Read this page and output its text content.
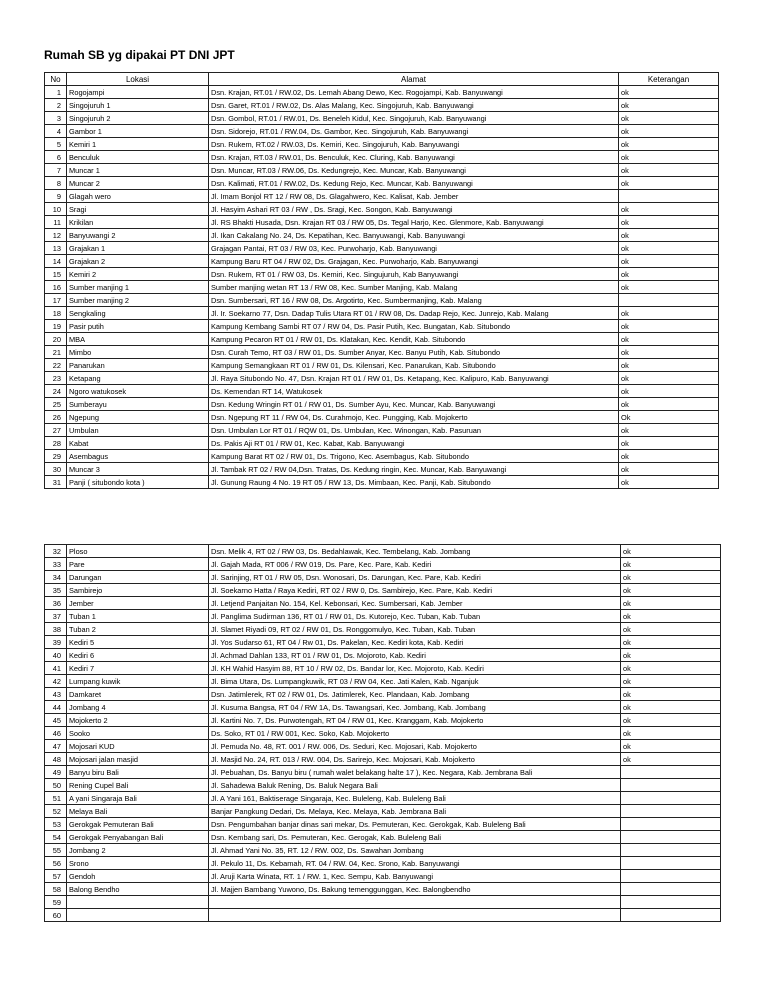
Rumah SB yg dipakai PT DNI JPT
No	Lokasi	Alamat	Keterangan
1	Rogojampi	Dsn. Krajan, RT.01 / RW.02, Ds. Lemah Abang Dewo, Kec. Rogojampi, Kab. Banyuwangi	ok
2	Singojuruh 1	Dsn. Garet, RT.01 / RW.02, Ds. Alas Malang, Kec. Singojuruh, Kab. Banyuwangi	ok
3	Singojuruh 2	Dsn. Gombol, RT.01 / RW.01, Ds. Beneleh Kidul, Kec. Singojuruh, Kab. Banyuwangi	ok
4	Gambor 1	Dsn. Sidorejo, RT.01 / RW.04, Ds. Gambor, Kec. Singojuruh, Kab. Banyuwangi	ok
5	Kemiri 1	Dsn. Rukem, RT.02 / RW.03, Ds. Kemiri, Kec. Singojuruh, Kab. Banyuwangi	ok
6	Benculuk	Dsn. Krajan, RT.03 / RW.01, Ds. Benculuk, Kec. Cluring, Kab. Banyuwangi	ok
7	Muncar 1	Dsn. Muncar, RT.03 / RW.06, Ds. Kedungrejo, Kec. Muncar, Kab. Banyuwangi	ok
8	Muncar 2	Dsn. Kalimati, RT.01 / RW.02, Ds. Kedung Rejo, Kec. Muncar, Kab. Banyuwangi	ok
9	Glagah wero	Jl. Imam Bonjol RT 12 / RW 08, Ds. Glagahwero, Kec. Kalisat, Kab. Jember	
10	Sragi	Jl. Hasyim Ashari RT 03 / RW , Ds. Sragi, Kec. Songon, Kab. Banyuwangi	ok
11	Krikilan	Jl. RS Bhakti Husada, Dsn. Krajan RT 03 / RW 05, Ds. Tegal Harjo, Kec. Glenmore, Kab. Banyuwangi	ok
12	Banyuwangi 2	Jl. Ikan Cakalang No. 24, Ds. Kepatihan, Kec. Banyuwangi, Kab. Banyuwangi	ok
13	Grajakan 1	Grajagan Pantai, RT 03 / RW 03, Kec. Purwoharjo, Kab. Banyuwangi	ok
14	Grajakan 2	Kampung Baru RT 04 / RW 02, Ds. Grajagan, Kec. Purwoharjo, Kab. Banyuwangi	ok
15	Kemiri 2	Dsn. Rukem, RT 01 / RW 03, Ds. Kemiri, Kec. Singujuruh, Kab Banyuwangi	ok
16	Sumber manjing 1	Sumber manjing wetan RT 13 / RW 08, Kec. Sumber Manjing, Kab. Malang	ok
17	Sumber manjing 2	Dsn. Sumbersari, RT 16 / RW 08, Ds. Argotirto, Kec. Sumbermanjing, Kab. Malang	
18	Sengkaling	Jl. Ir. Soekarno 77, Dsn. Dadap Tulis Utara RT 01 / RW 08, Ds. Dadap Rejo, Kec. Junrejo, Kab. Malang	ok
19	Pasir putih	Kampung Kembang Sambi RT 07 / RW 04, Ds. Pasir Putih, Kec. Bungatan, Kab. Situbondo	ok
20	MBA	Kampung Pecaron RT 01 / RW 01, Ds. Klatakan, Kec. Kendit, Kab. Situbondo	ok
21	Mimbo	Dsn. Curah Temo, RT 03 / RW 01, Ds. Sumber Anyar, Kec. Banyu Putih, Kab. Situbondo	ok
22	Panarukan	Kampung Semangkaan RT 01 / RW 01, Ds. Kilensari, Kec. Panarukan, Kab. Situbondo	ok
23	Ketapang	Jl. Raya Situbondo No. 47, Dsn. Krajan RT 01 / RW 01, Ds. Ketapang, Kec. Kalipuro, Kab. Banyuwangi	ok
24	Ngoro watukosek	Ds. Kemendan RT 14, Watukosek	ok
25	Sumberayu	Dsn. Kedung Wringin RT 01 / RW 01, Ds. Sumber Ayu, Kec. Muncar, Kab. Banyuwangi	ok
26	Ngepung	Dsn. Ngepung RT 11 / RW 04, Ds. Curahmojo, Kec. Pungging, Kab. Mojokerto	Ok
27	Umbulan	Dsn. Umbulan Lor RT 01 / RQW 01, Ds. Umbulan, Kec. Winongan, Kab. Pasuruan	ok
28	Kabat	Ds. Pakis Aji RT 01 / RW 01, Kec. Kabat, Kab. Banyuwangi	ok
29	Asembagus	Kampung Barat RT 02 / RW 01, Ds. Trigono, Kec. Asembagus, Kab. Situbondo	ok
30	Muncar 3	Jl. Tambak RT 02 / RW 04,Dsn. Tratas, Ds. Kedung ringin, Kec. Muncar, Kab. Banyuwangi	ok
31	Panji ( situbondo kota )	Jl. Gunung Raung 4 No. 19 RT 05 / RW 13, Ds. Mimbaan, Kec. Panji, Kab. Situbondo	ok
32	Ploso	Dsn. Melik 4, RT 02 / RW 03, Ds. Bedahlawak, Kec. Tembelang, Kab. Jombang	ok
33	Pare	Jl. Gajah Mada, RT 006 / RW 019, Ds. Pare, Kec. Pare, Kab. Kediri	ok
34	Darungan	Jl. Sarinjing, RT 01 / RW 05, Dsn. Wonosari, Ds. Darungan, Kec. Pare, Kab. Kediri	ok
35	Sambirejo	Jl. Soekarno Hatta / Raya Kediri, RT 02 / RW 0, Ds. Sambirejo, Kec. Pare, Kab. Kediri	ok
36	Jember	Jl. Letjend Panjaitan No. 154, Kel. Kebonsari, Kec. Sumbersari, Kab. Jember	ok
37	Tuban 1	Jl. Panglima Sudirman 136, RT 01 / RW 01, Ds. Kutorejo, Kec. Tuban, Kab. Tuban	ok
38	Tuban 2	Jl. Slamet Riyadi 09, RT 02 / RW 01, Ds. Ronggomulyo, Kec. Tuban, Kab. Tuban	ok
39	Kediri 5	Jl. Yos Sudarso 61, RT 04 / Rw 01, Ds. Pakelan, Kec. Kediri kota, Kab. Kediri	ok
40	Kediri 6	Jl. Achmad Dahlan 133, RT 01 / RW 01, Ds. Mojoroto, Kab. Kediri	ok
41	Kediri 7	Jl. KH Wahid Hasyim 88, RT 10 / RW 02, Ds. Bandar lor, Kec. Mojoroto, Kab. Kediri	ok
42	Lumpang kuwik	Jl. Bima Utara, Ds. Lumpangkuwik, RT 03 / RW 04, Kec. Jati Kalen, Kab. Nganjuk	ok
43	Damkaret	Dsn. Jatimlerek, RT 02 / RW 01, Ds. Jatimlerek, Kec. Plandaan, Kab. Jombang	ok
44	Jombang 4	Jl. Kusuma Bangsa, RT 04 / RW 1A, Ds. Tawangsari, Kec. Jombang, Kab. Jombang	ok
45	Mojokerto 2	Jl. Kartini No. 7, Ds. Purwotengah, RT 04 / RW 01, Kec. Kranggam, Kab. Mojokerto	ok
46	Sooko	Ds. Soko, RT 01 / RW 001, Kec. Soko, Kab. Mojokerto	ok
47	Mojosari KUD	Jl. Pemuda No. 48, RT. 001 / RW. 006, Ds. Seduri, Kec. Mojosari, Kab. Mojokerto	ok
48	Mojosari jalan masjid	Jl. Masjid No. 24, RT. 013 / RW. 004, Ds. Sarirejo, Kec. Mojosari, Kab. Mojokerto	ok
49	Banyu biru Bali	Jl. Pebuahan, Ds. Banyu biru ( rumah walet belakang halte 17 ), Kec. Negara, Kab. Jembrana Bali	
50	Rening Cupel Bali	Jl. Sahadewa Baluk Rening, Ds. Baluk Negara Bali	
51	A yani Singaraja Bali	Jl. A Yani 161, Baktiserage Singaraja, Kec. Buleleng, Kab. Buleleng Bali	
52	Melaya Bali	Banjar Pangkung Dedari, Ds. Melaya, Kec. Melaya, Kab. Jembrana Bali	
53	Gerokgak Pemuteran Bali	Dsn. Pengumbahan banjar dinas sari mekar, Ds. Pemuteran, Kec. Gerokgak, Kab. Buleleng Bali	
54	Gerokgak Penyabangan Bali	Dsn. Kembang sari, Ds. Pemuteran, Kec. Gerogak, Kab. Buleleng Bali	
55	Jombang 2	Jl. Ahmad Yani No. 35, RT. 12 / RW. 002, Ds. Sawahan Jombang	
56	Srono	Jl. Pekulo 11, Ds. Kebamah, RT. 04 / RW. 04, Kec. Srono, Kab. Banyuwangi	
57	Gendoh	Jl. Aruji Karta Winata, RT. 1 / RW. 1, Kec. Sempu, Kab. Banyuwangi	
58	Balong Bendho	Jl. Majjen Bambang Yuwono, Ds. Bakung temenggunggan, Kec. Balongbendho	
59			
60			
